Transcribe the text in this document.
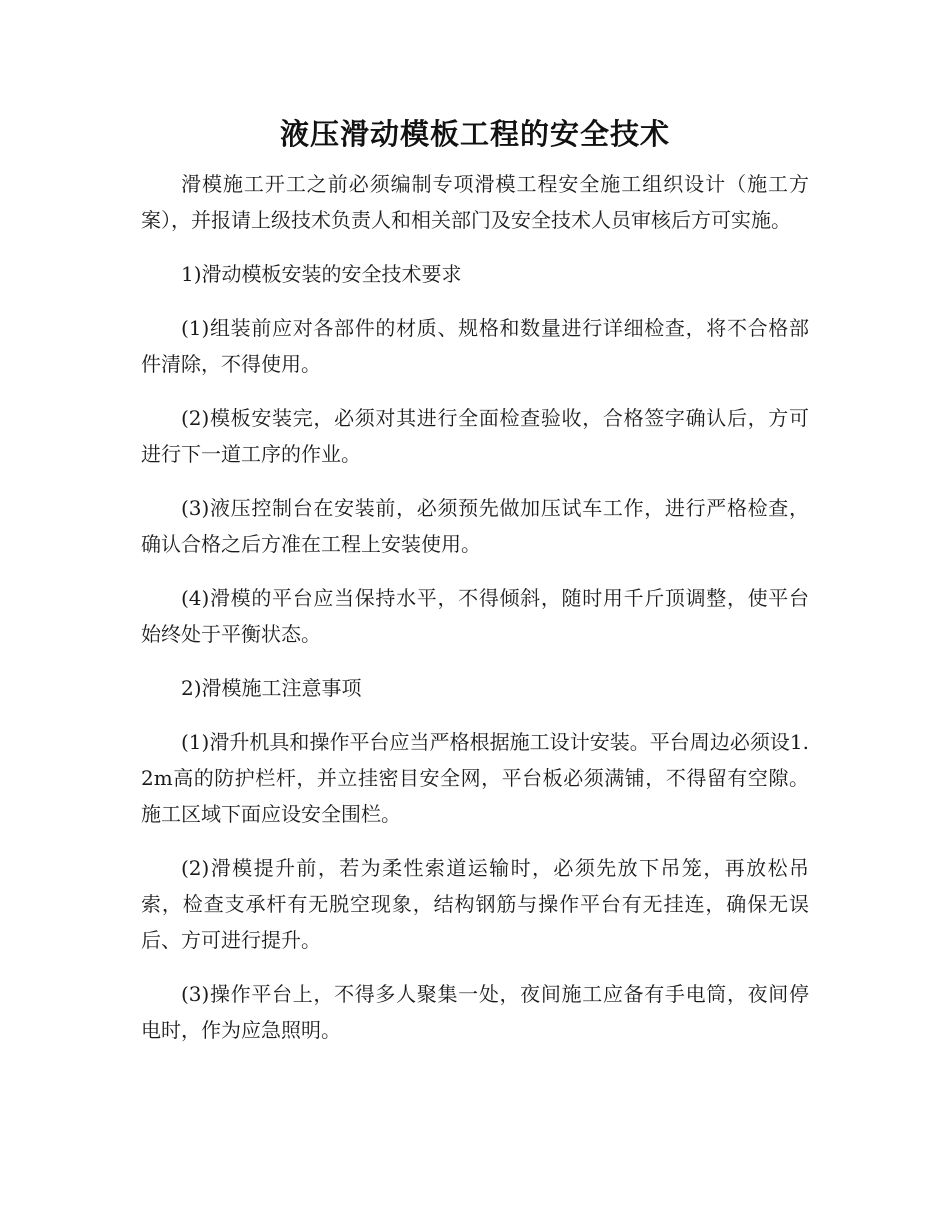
液压滑动模板工程的安全技术

滑模施工开工之前必须编制专项滑模工程安全施工组织设计（施工方案），并报请上级技术负责人和相关部门及安全技术人员审核后方可实施。

1)滑动模板安装的安全技术要求

(1)组装前应对各部件的材质、规格和数量进行详细检查，将不合格部件清除，不得使用。

(2)模板安装完，必须对其进行全面检查验收，合格签字确认后，方可进行下一道工序的作业。

(3)液压控制台在安装前，必须预先做加压试车工作，进行严格检查，确认合格之后方准在工程上安装使用。

(4)滑模的平台应当保持水平，不得倾斜，随时用千斤顶调整，使平台始终处于平衡状态。

2)滑模施工注意事项

(1)滑升机具和操作平台应当严格根据施工设计安装。平台周边必须设1.2m高的防护栏杆，并立挂密目安全网，平台板必须满铺，不得留有空隙。施工区域下面应设安全围栏。

(2)滑模提升前，若为柔性索道运输时，必须先放下吊笼，再放松吊索，检查支承杆有无脱空现象，结构钢筋与操作平台有无挂连，确保无误后、方可进行提升。

(3)操作平台上，不得多人聚集一处，夜间施工应备有手电筒，夜间停电时，作为应急照明。
